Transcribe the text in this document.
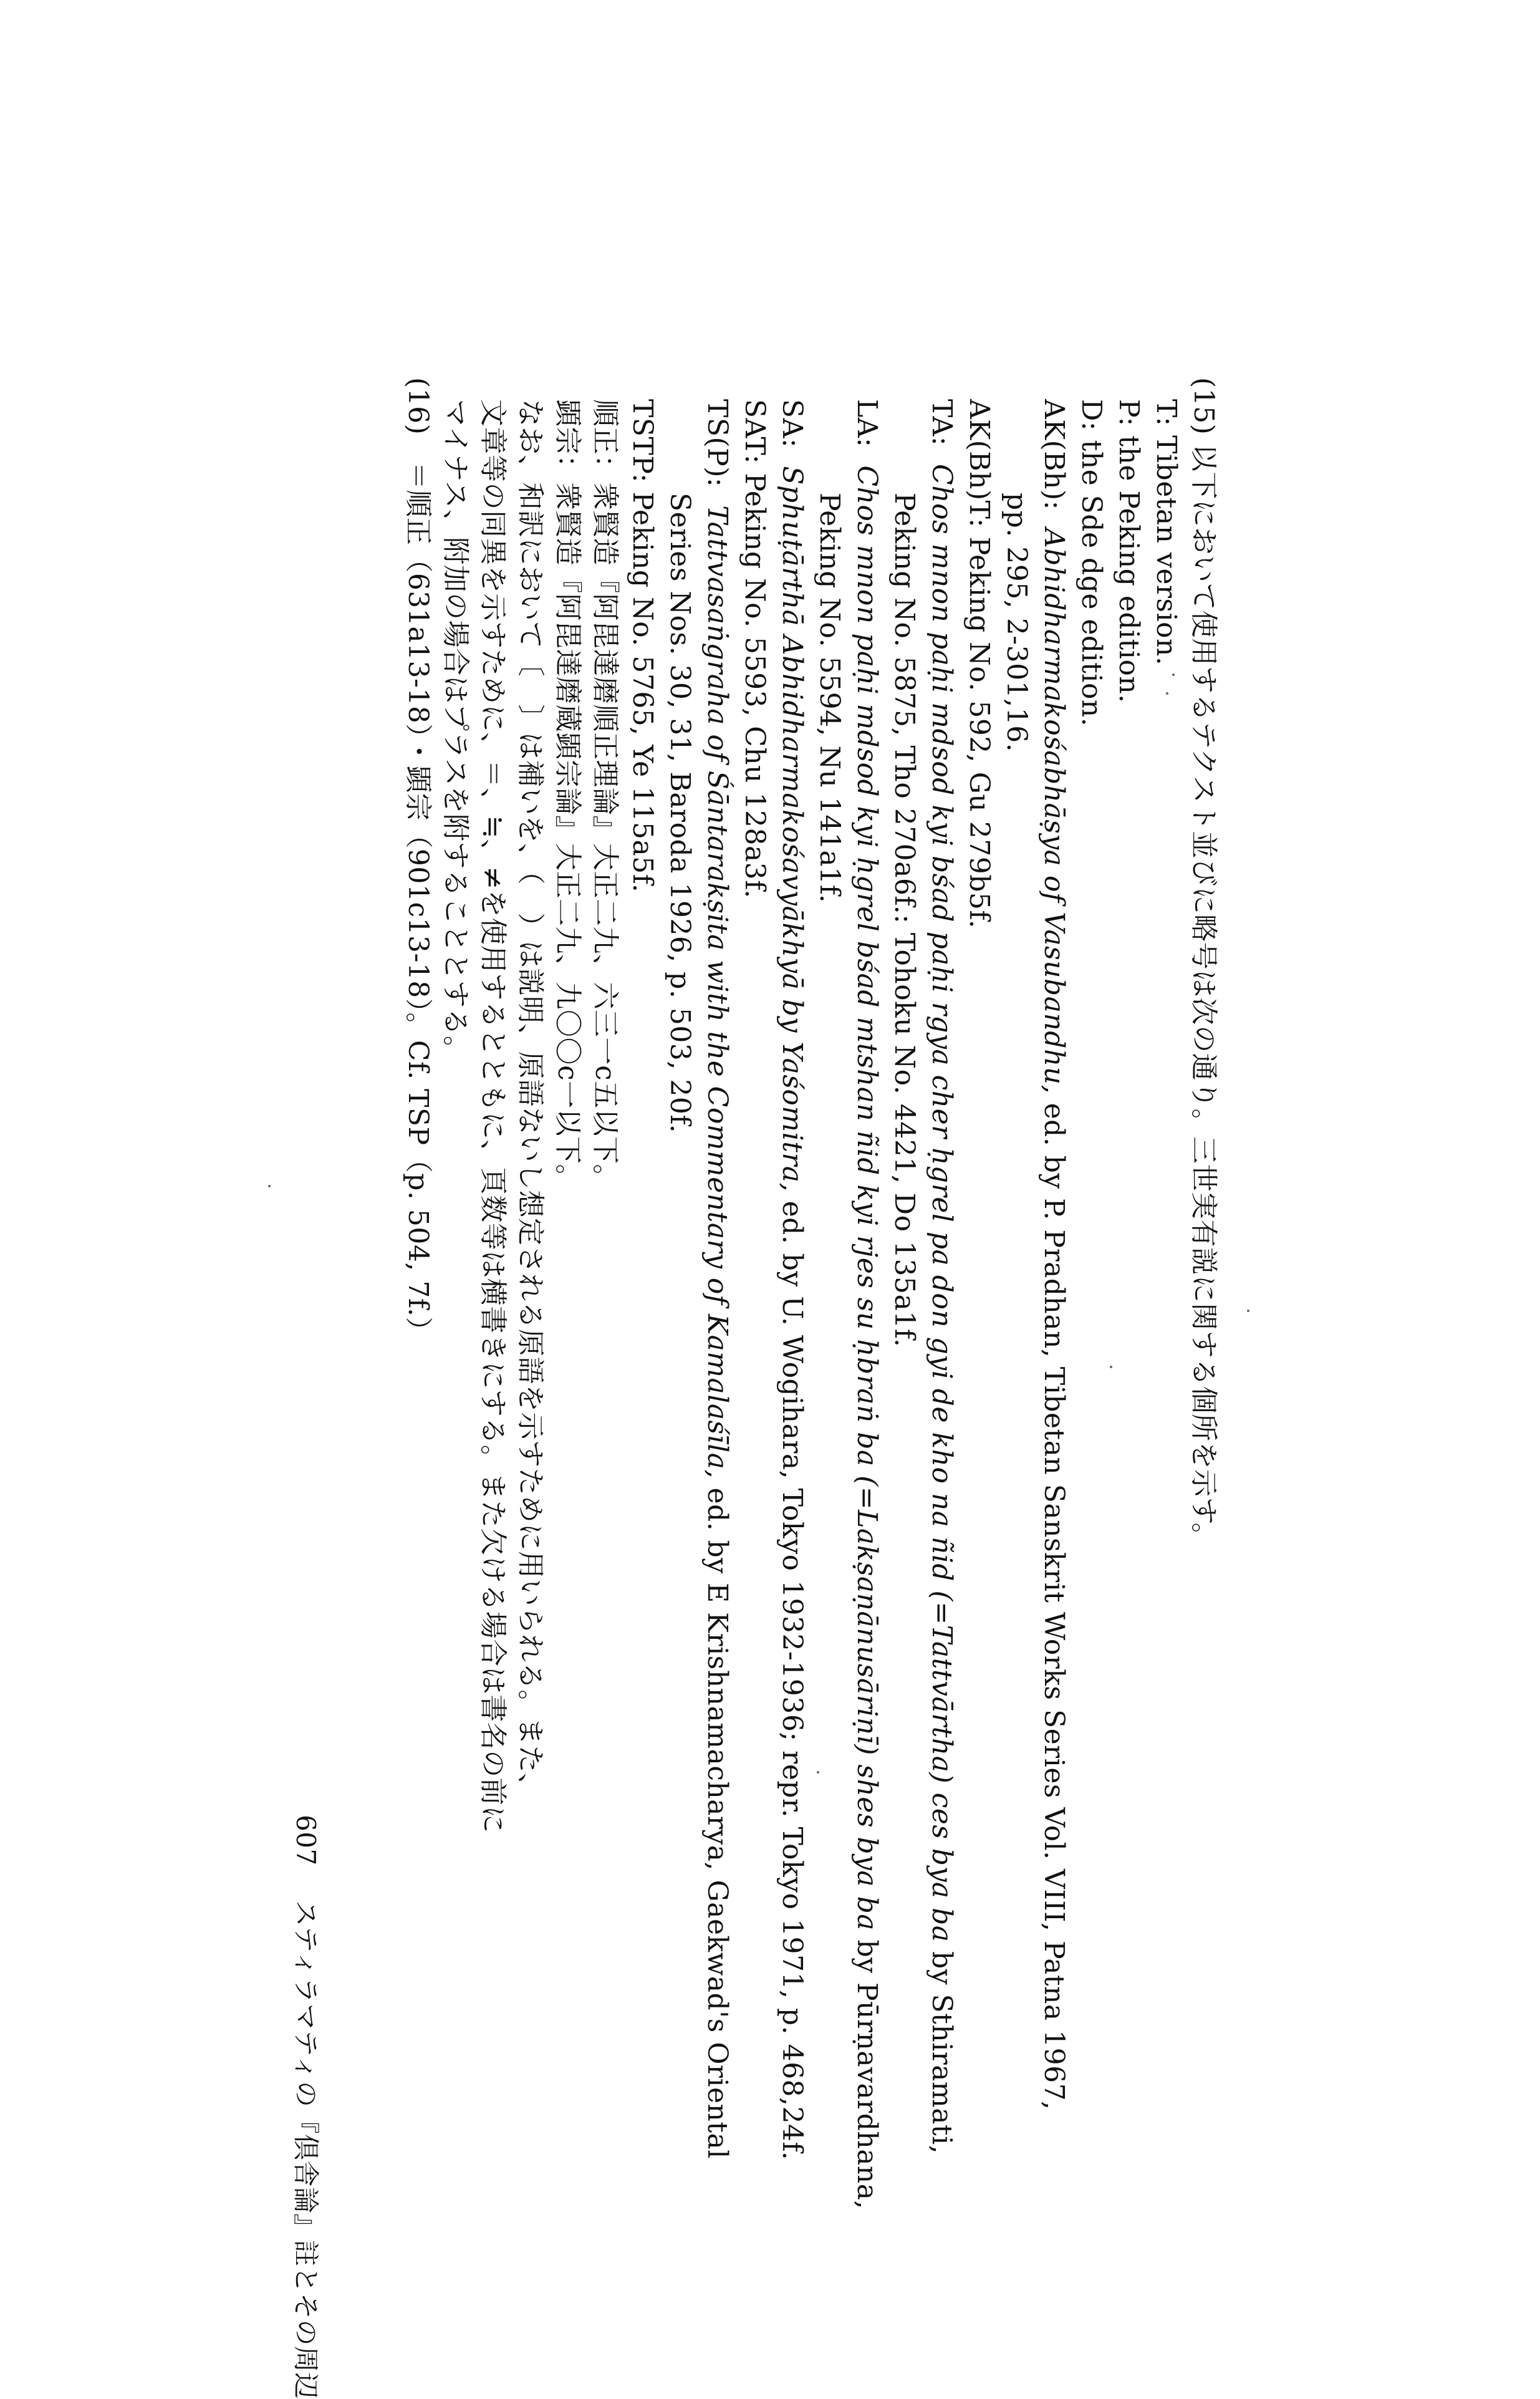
(15) 以下において使用するテクスト並びに略号は次の通り。三世実有説に関する個所を示す。
T: Tibetan version.
P: the Peking edition.
D: the Sde dge edition.
AK(Bh):  Abhidharmakośabhāṣya of Vasubandhu, ed. by P. Pradhan, Tibetan Sanskrit Works Series Vol. VIII, Patna 1967,
pp. 295, 2-301,16.
AK(Bh)T: Peking No. 592, Gu 279b5f.
TA:  Chos mnon paḥi mdsod kyi bśad paḥi rgya cher ḥgrel pa don gyi de kho na ñid (=Tattvārtha) ces bya ba by Sthiramati,
Peking No. 5875, Tho 270a6f.: Tohoku No. 4421, Do 135a1f.
LA:  Chos mnon paḥi mdsod kyi ḥgrel bśad mtshan ñid kyi rjes su ḥbraṅ ba (=Lakṣaṇānusāriṇī) shes bya ba by Pūrṇavardhana,
Peking No. 5594, Nu 141a1f.
SA:  Sphuṭārthā Abhidharmakośavyākhyā by Yaśomitra, ed. by U. Wogihara, Tokyo 1932-1936; repr. Tokyo 1971, p. 468,24f.
SAT: Peking No. 5593, Chu 128a3f.
TS(P):  Tattvasaṅgraha of Śāntarakṣita with the Commentary of Kamalaśīla, ed. by E Krishnamacharya, Gaekwad's Oriental
Series Nos. 30, 31, Baroda 1926, p. 503, 20f.
TSTP: Peking No. 5765, Ye 115a5f.
順正：衆賢造『阿毘達磨順正理論』大正二九、六三一c五以下。
顕宗：衆賢造『阿毘達磨蔵顕宗論』大正二九、九〇〇c一以下。
なお、和訳において〔　〕は補いを、（　）は説明、原語ないし想定される原語を示すために用いられる。また、
文章等の同異を示すために、＝、≒、≠を使用するとともに、頁数等は横書きにする。また欠ける場合は書名の前に
マイナス、附加の場合はプラスを附することとする。
(16)   ＝順正（631a13-18）・顕宗（901c13-18）。Cf. TSP（p. 504, 7f.）
607    スティラマティの『倶舎論』註とその周辺
